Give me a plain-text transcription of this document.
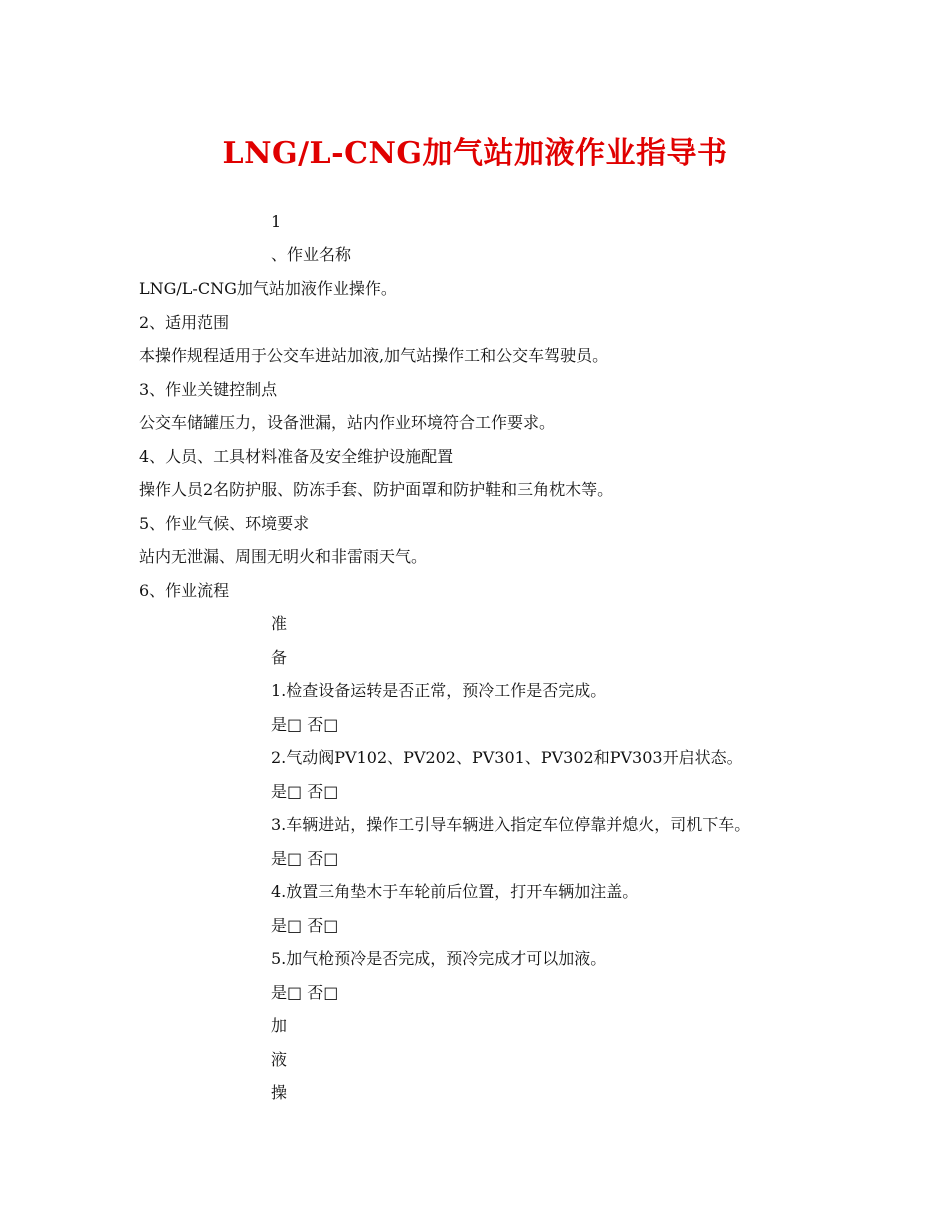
LNG/L-CNG加气站加液作业指导书
1
、作业名称
LNG/L-CNG加气站加液作业操作。
2、适用范围
本操作规程适用于公交车进站加液,加气站操作工和公交车驾驶员。
3、作业关键控制点
公交车储罐压力，设备泄漏，站内作业环境符合工作要求。
4、人员、工具材料准备及安全维护设施配置
操作人员2名防护服、防冻手套、防护面罩和防护鞋和三角枕木等。
5、作业气候、环境要求
站内无泄漏、周围无明火和非雷雨天气。
6、作业流程
准
备
1.检查设备运转是否正常，预冷工作是否完成。
是□ 否□
2.气动阀PV102、PV202、PV301、PV302和PV303开启状态。
是□ 否□
3.车辆进站，操作工引导车辆进入指定车位停靠并熄火，司机下车。
是□ 否□
4.放置三角垫木于车轮前后位置，打开车辆加注盖。
是□ 否□
5.加气枪预冷是否完成，预冷完成才可以加液。
是□ 否□
加
液
操
